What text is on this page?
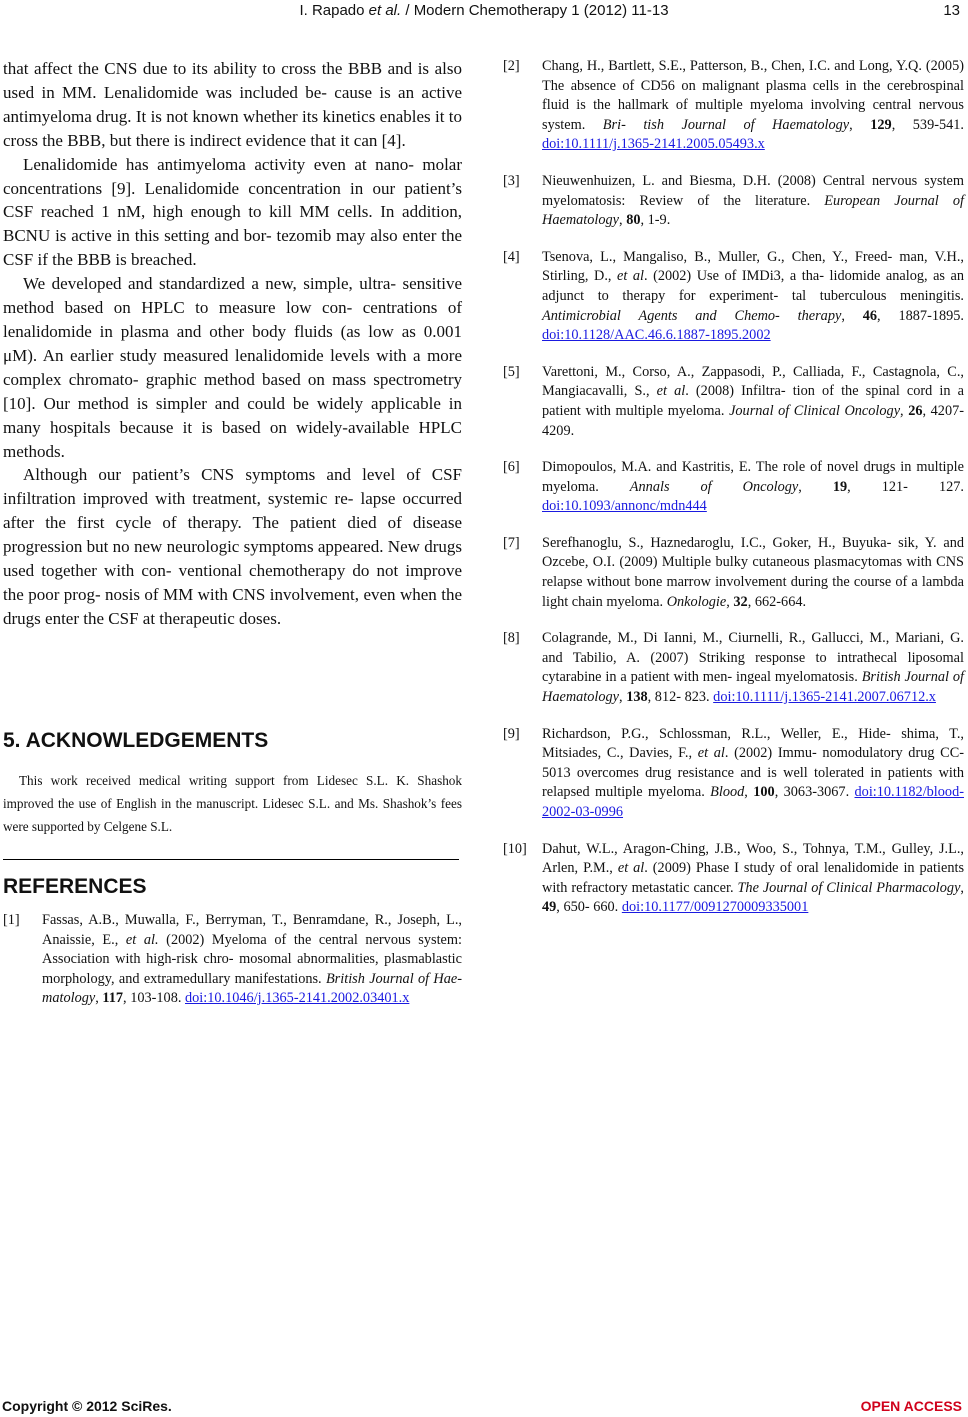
I. Rapado et al. / Modern Chemotherapy 1 (2012) 11-13	13

that affect the CNS due to its ability to cross the BBB and is also used in MM. Lenalidomide was included be- cause is an active antimyeloma drug. It is not known whether its kinetics enables it to cross the BBB, but there is indirect evidence that it can [4].

Lenalidomide has antimyeloma activity even at nano- molar concentrations [9]. Lenalidomide concentration in our patient’s CSF reached 1 nM, high enough to kill MM cells. In addition, BCNU is active in this setting and bor- tezomib may also enter the CSF if the BBB is breached.

We developed and standardized a new, simple, ultra- sensitive method based on HPLC to measure low con- centrations of lenalidomide in plasma and other body fluids (as low as 0.001 μM). An earlier study measured lenalidomide levels with a more complex chromato- graphic method based on mass spectrometry [10]. Our method is simpler and could be widely applicable in many hospitals because it is based on widely-available HPLC methods.

Although our patient’s CNS symptoms and level of CSF infiltration improved with treatment, systemic re- lapse occurred after the first cycle of therapy. The patient died of disease progression but no new neurologic symptoms appeared. New drugs used together with con- ventional chemotherapy do not improve the poor prog- nosis of MM with CNS involvement, even when the drugs enter the CSF at therapeutic doses.

5. ACKNOWLEDGEMENTS

This work received medical writing support from Lidesec S.L. K. Shashok improved the use of English in the manuscript. Lidesec S.L. and Ms. Shashok’s fees were supported by Celgene S.L.

REFERENCES
[1] Fassas, A.B., Muwalla, F., Berryman, T., Benramdane, R., Joseph, L., Anaissie, E., et al. (2002) Myeloma of the central nervous system: Association with high-risk chro- mosomal abnormalities, plasmablastic morphology, and extramedullary manifestations. British Journal of Hae- matology, 117, 103-108. doi:10.1046/j.1365-2141.2002.03401.x
[2] Chang, H., Bartlett, S.E., Patterson, B., Chen, I.C. and Long, Y.Q. (2005) The absence of CD56 on malignant plasma cells in the cerebrospinal fluid is the hallmark of multiple myeloma involving central nervous system. Bri- tish Journal of Haematology, 129, 539-541. doi:10.1111/j.1365-2141.2005.05493.x
[3] Nieuwenhuizen, L. and Biesma, D.H. (2008) Central nervous system myelomatosis: Review of the literature. European Journal of Haematology, 80, 1-9.
[4] Tsenova, L., Mangaliso, B., Muller, G., Chen, Y., Freed- man, V.H., Stirling, D., et al. (2002) Use of IMDi3, a tha- lidomide analog, as an adjunct to therapy for experiment- tal tuberculous meningitis. Antimicrobial Agents and Chemo- therapy, 46, 1887-1895. doi:10.1128/AAC.46.6.1887-1895.2002
[5] Varettoni, M., Corso, A., Zappasodi, P., Calliada, F., Castagnola, C., Mangiacavalli, S., et al. (2008) Infiltra- tion of the spinal cord in a patient with multiple myeloma. Journal of Clinical Oncology, 26, 4207-4209.
[6] Dimopoulos, M.A. and Kastritis, E. The role of novel drugs in multiple myeloma. Annals of Oncology, 19, 121- 127. doi:10.1093/annonc/mdn444
[7] Serefhanoglu, S., Haznedaroglu, I.C., Goker, H., Buyuka- sik, Y. and Ozcebe, O.I. (2009) Multiple bulky cutaneous plasmacytomas with CNS relapse without bone marrow involvement during the course of a lambda light chain myeloma. Onkologie, 32, 662-664.
[8] Colagrande, M., Di Ianni, M., Ciurnelli, R., Gallucci, M., Mariani, G. and Tabilio, A. (2007) Striking response to intrathecal liposomal cytarabine in a patient with men- ingeal myelomatosis. British Journal of Haematology, 138, 812- 823. doi:10.1111/j.1365-2141.2007.06712.x
[9] Richardson, P.G., Schlossman, R.L., Weller, E., Hide- shima, T., Mitsiades, C., Davies, F., et al. (2002) Immu- nomodulatory drug CC-5013 overcomes drug resistance and is well tolerated in patients with relapsed multiple myeloma. Blood, 100, 3063-3067. doi:10.1182/blood-2002-03-0996
[10] Dahut, W.L., Aragon-Ching, J.B., Woo, S., Tohnya, T.M., Gulley, J.L., Arlen, P.M., et al. (2009) Phase I study of oral lenalidomide in patients with refractory metastatic cancer. The Journal of Clinical Pharmacology, 49, 650- 660. doi:10.1177/0091270009335001
Copyright © 2012 SciRes.	OPEN ACCESS
